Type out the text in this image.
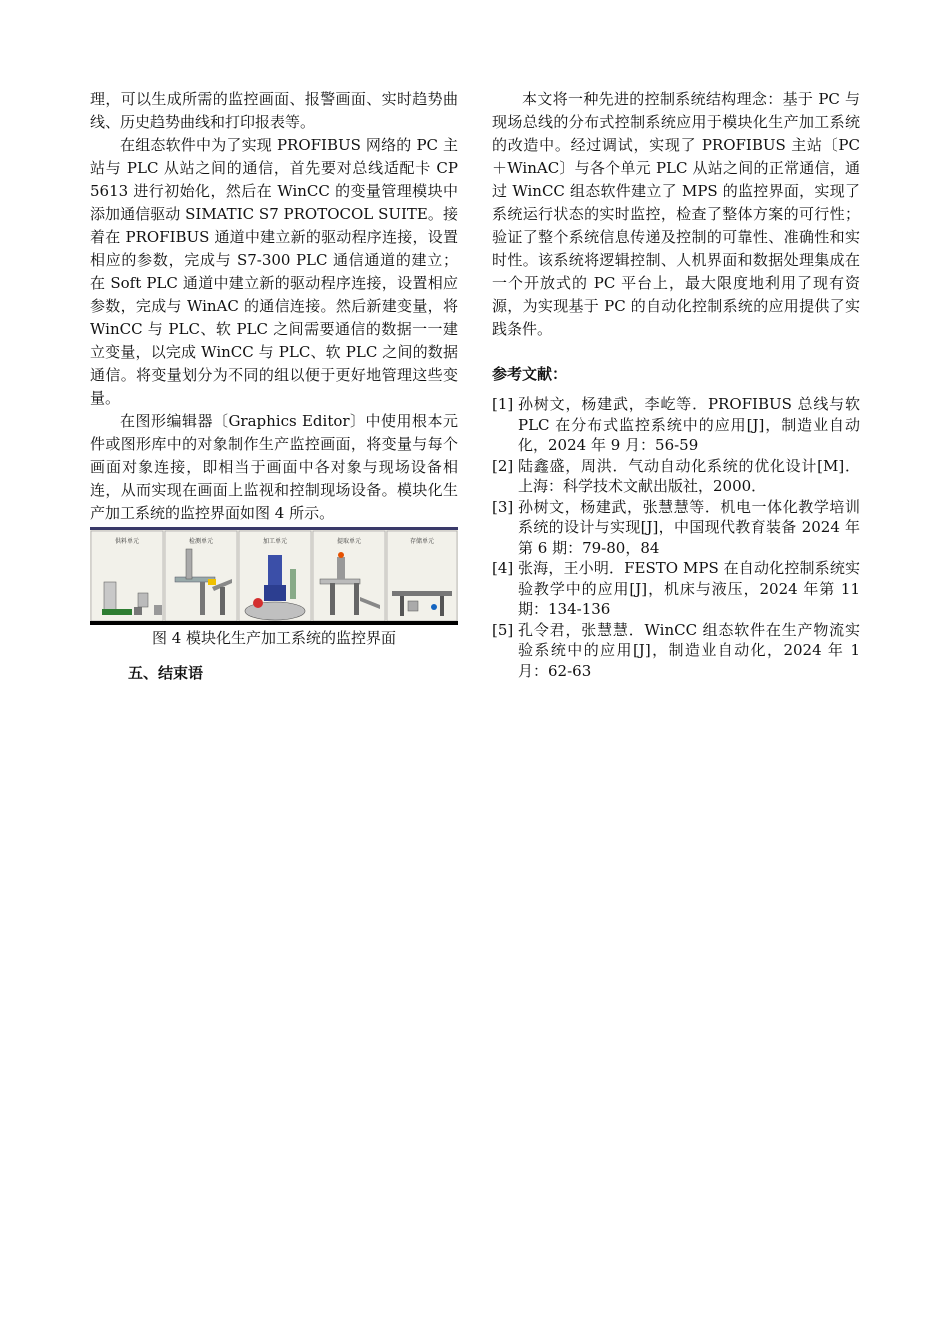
理，可以生成所需的监控画面、报警画面、实时趋势曲线、历史趋势曲线和打印报表等。

在组态软件中为了实现 PROFIBUS 网络的 PC 主站与 PLC 从站之间的通信，首先要对总线适配卡 CP 5613 进行初始化，然后在 WinCC 的变量管理模块中添加通信驱动 SIMATIC S7 PROTOCOL SUITE。接着在 PROFIBUS 通道中建立新的驱动程序连接，设置相应的参数，完成与 S7-300 PLC 通信通道的建立；在 Soft PLC 通道中建立新的驱动程序连接，设置相应参数，完成与 WinAC 的通信连接。然后新建变量，将 WinCC 与 PLC、软 PLC 之间需要通信的数据一一建立变量，以完成 WinCC 与 PLC、软 PLC 之间的数据通信。将变量划分为不同的组以便于更好地管理这些变量。

在图形编辑器〔Graphics Editor〕中使用根本元件或图形库中的对象制作生产监控画面，将变量与每个画面对象连接，即相当于画面中各对象与现场设备相连，从而实现在画面上监视和控制现场设备。模块化生产加工系统的监控界面如图 4 所示。

供料单元	检测单元	加工单元	提取单元	存储单元
图 4 模块化生产加工系统的监控界面
五、结束语

本文将一种先进的控制系统结构理念：基于 PC 与现场总线的分布式控制系统应用于模块化生产加工系统的改造中。经过调试，实现了 PROFIBUS 主站〔PC＋WinAC〕与各个单元 PLC 从站之间的正常通信，通过 WinCC 组态软件建立了 MPS 的监控界面，实现了系统运行状态的实时监控，检查了整体方案的可行性；验证了整个系统信息传递及控制的可靠性、准确性和实时性。该系统将逻辑控制、人机界面和数据处理集成在一个开放式的 PC 平台上，最大限度地利用了现有资源，为实现基于 PC 的自动化控制系统的应用提供了实践条件。

参考文献：
[1] 孙树文，杨建武，李屹等．PROFIBUS 总线与软 PLC 在分布式监控系统中的应用[J]，制造业自动化，2024 年 9 月：56-59
[2] 陆鑫盛，周洪．气动自动化系统的优化设计[M]．上海：科学技术文献出版社，2000．
[3] 孙树文，杨建武，张慧慧等．机电一体化教学培训系统的设计与实现[J]，中国现代教育装备 2024 年第 6 期：79-80，84
[4] 张海，王小明．FESTO MPS 在自动化控制系统实验教学中的应用[J]，机床与液压，2024 年第 11 期：134-136
[5] 孔令君，张慧慧．WinCC 组态软件在生产物流实验系统中的应用[J]，制造业自动化，2024 年 1 月：62-63
